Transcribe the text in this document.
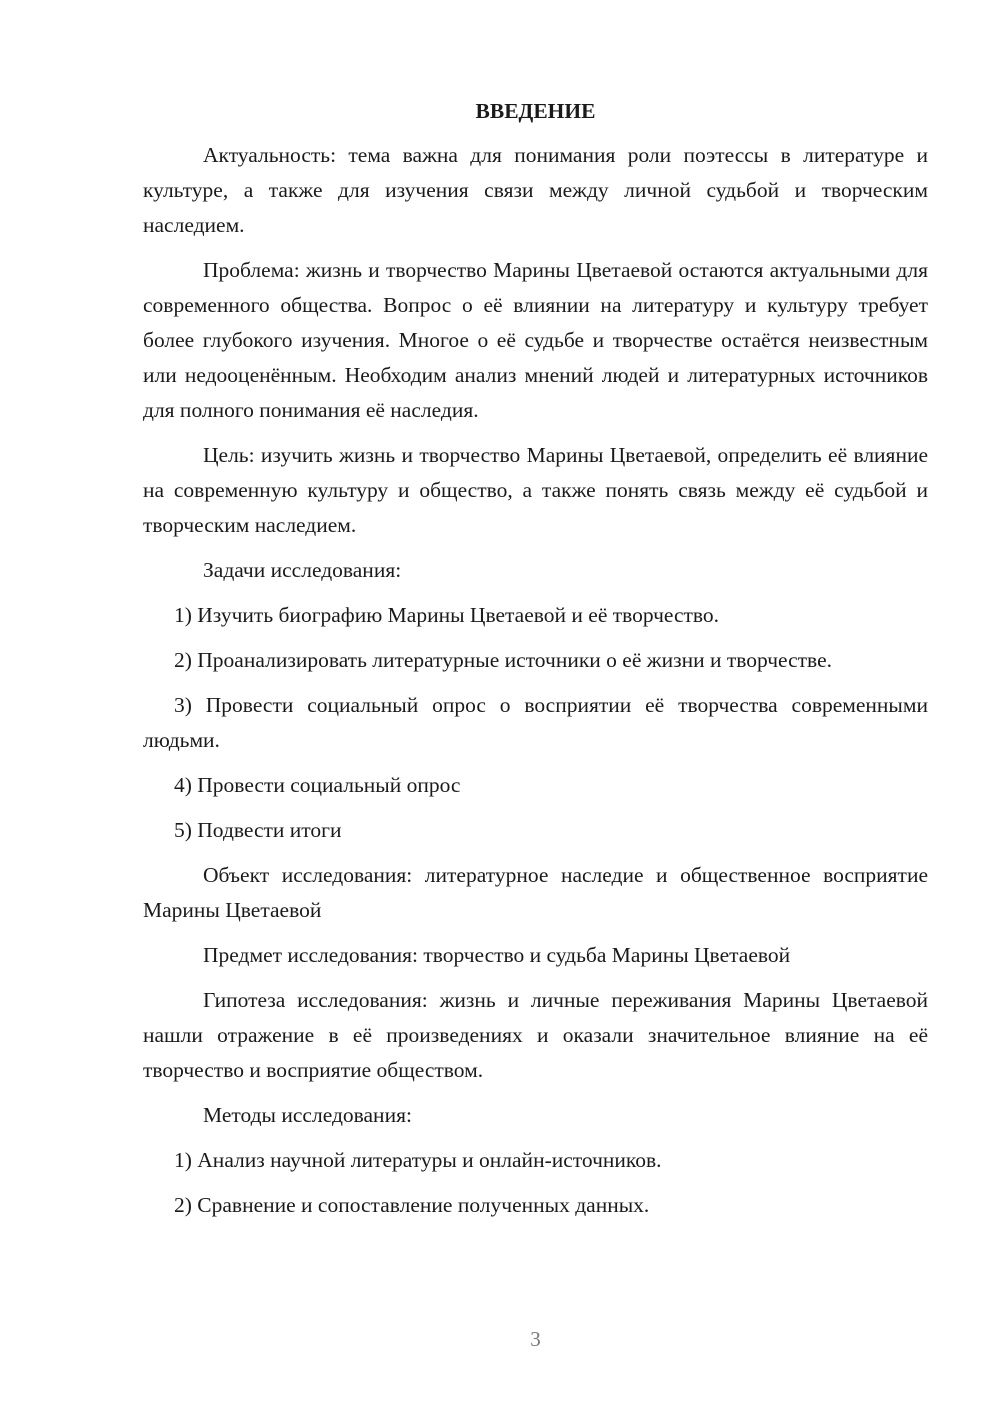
ВВЕДЕНИЕ

Актуальность: тема важна для понимания роли поэтессы в литературе и культуре, а также для изучения связи между личной судьбой и творческим наследием.

Проблема: жизнь и творчество Марины Цветаевой остаются актуальными для современного общества. Вопрос о её влиянии на литературу и культуру требует более глубокого изучения. Многое о её судьбе и творчестве остаётся неизвестным или недооценённым. Необходим анализ мнений людей и литературных источников для полного понимания её наследия.

Цель: изучить жизнь и творчество Марины Цветаевой, определить её влияние на современную культуру и общество, а также понять связь между её судьбой и творческим наследием.

Задачи исследования:

1) Изучить биографию Марины Цветаевой и её творчество.

2) Проанализировать литературные источники о её жизни и творчестве.

3) Провести социальный опрос о восприятии её творчества современными людьми.

4) Провести социальный опрос

5) Подвести итоги

Объект исследования: литературное наследие и общественное восприятие Марины Цветаевой

Предмет исследования: творчество и судьба Марины Цветаевой

Гипотеза исследования: жизнь и личные переживания Марины Цветаевой нашли отражение в её произведениях и оказали значительное влияние на её творчество и восприятие обществом.

Методы исследования:

1) Анализ научной литературы и онлайн-источников.

2) Сравнение и сопоставление полученных данных.

3
